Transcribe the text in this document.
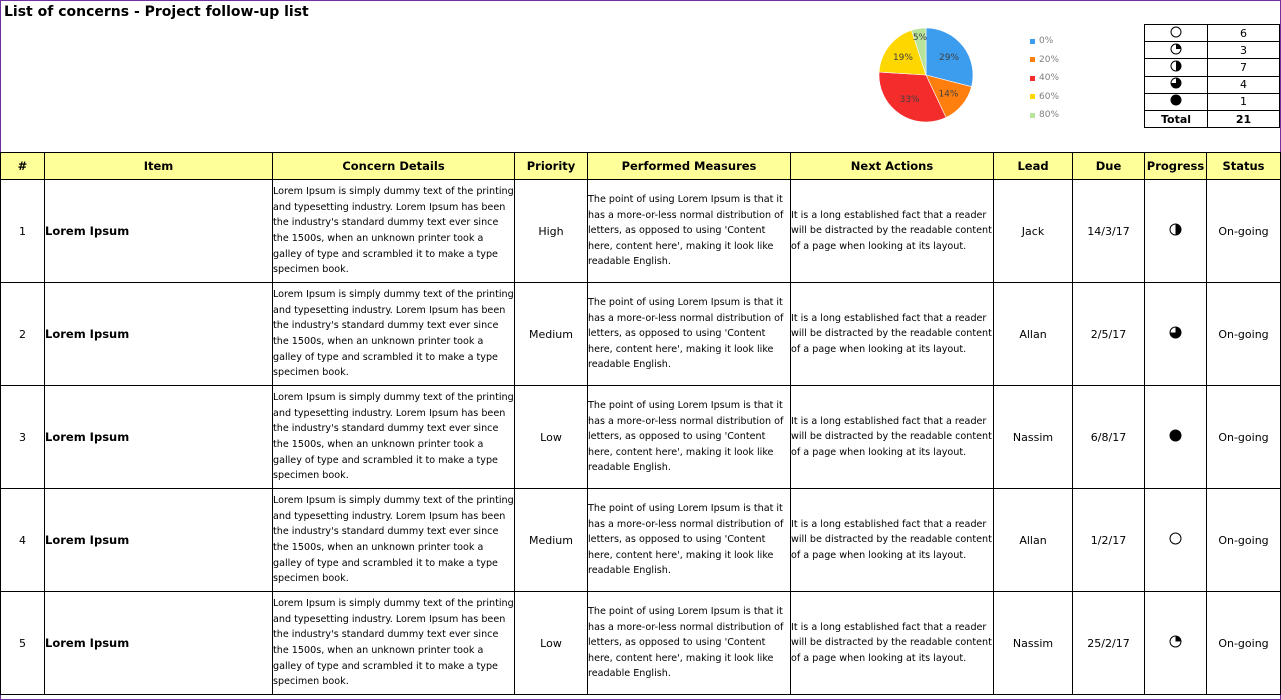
List of concerns - Project follow-up list
29%
14%
33%
19%
5%	0%
20%
40%
60%
80%
	6
	3
	7
	4
	1
Total	21
#	Item	Concern Details	Priority	Performed Measures	Next Actions	Lead	Due	Progress	Status
1	Lorem Ipsum	Lorem Ipsum is simply dummy text of the printing and typesetting industry. Lorem Ipsum has been the industry's standard dummy text ever since the 1500s, when an unknown printer took a galley of type and scrambled it to make a type specimen book.	High	The point of using Lorem Ipsum is that it has a more-or-less normal distribution of letters, as opposed to using 'Content here, content here', making it look like readable English.	It is a long established fact that a reader will be distracted by the readable content of a page when looking at its layout.	Jack	14/3/17		On-going
2	Lorem Ipsum	Lorem Ipsum is simply dummy text of the printing and typesetting industry. Lorem Ipsum has been the industry's standard dummy text ever since the 1500s, when an unknown printer took a galley of type and scrambled it to make a type specimen book.	Medium	The point of using Lorem Ipsum is that it has a more-or-less normal distribution of letters, as opposed to using 'Content here, content here', making it look like readable English.	It is a long established fact that a reader will be distracted by the readable content of a page when looking at its layout.	Allan	2/5/17		On-going
3	Lorem Ipsum	Lorem Ipsum is simply dummy text of the printing and typesetting industry. Lorem Ipsum has been the industry's standard dummy text ever since the 1500s, when an unknown printer took a galley of type and scrambled it to make a type specimen book.	Low	The point of using Lorem Ipsum is that it has a more-or-less normal distribution of letters, as opposed to using 'Content here, content here', making it look like readable English.	It is a long established fact that a reader will be distracted by the readable content of a page when looking at its layout.	Nassim	6/8/17		On-going
4	Lorem Ipsum	Lorem Ipsum is simply dummy text of the printing and typesetting industry. Lorem Ipsum has been the industry's standard dummy text ever since the 1500s, when an unknown printer took a galley of type and scrambled it to make a type specimen book.	Medium	The point of using Lorem Ipsum is that it has a more-or-less normal distribution of letters, as opposed to using 'Content here, content here', making it look like readable English.	It is a long established fact that a reader will be distracted by the readable content of a page when looking at its layout.	Allan	1/2/17		On-going
5	Lorem Ipsum	Lorem Ipsum is simply dummy text of the printing and typesetting industry. Lorem Ipsum has been the industry's standard dummy text ever since the 1500s, when an unknown printer took a galley of type and scrambled it to make a type specimen book.	Low	The point of using Lorem Ipsum is that it has a more-or-less normal distribution of letters, as opposed to using 'Content here, content here', making it look like readable English.	It is a long established fact that a reader will be distracted by the readable content of a page when looking at its layout.	Nassim	25/2/17		On-going
